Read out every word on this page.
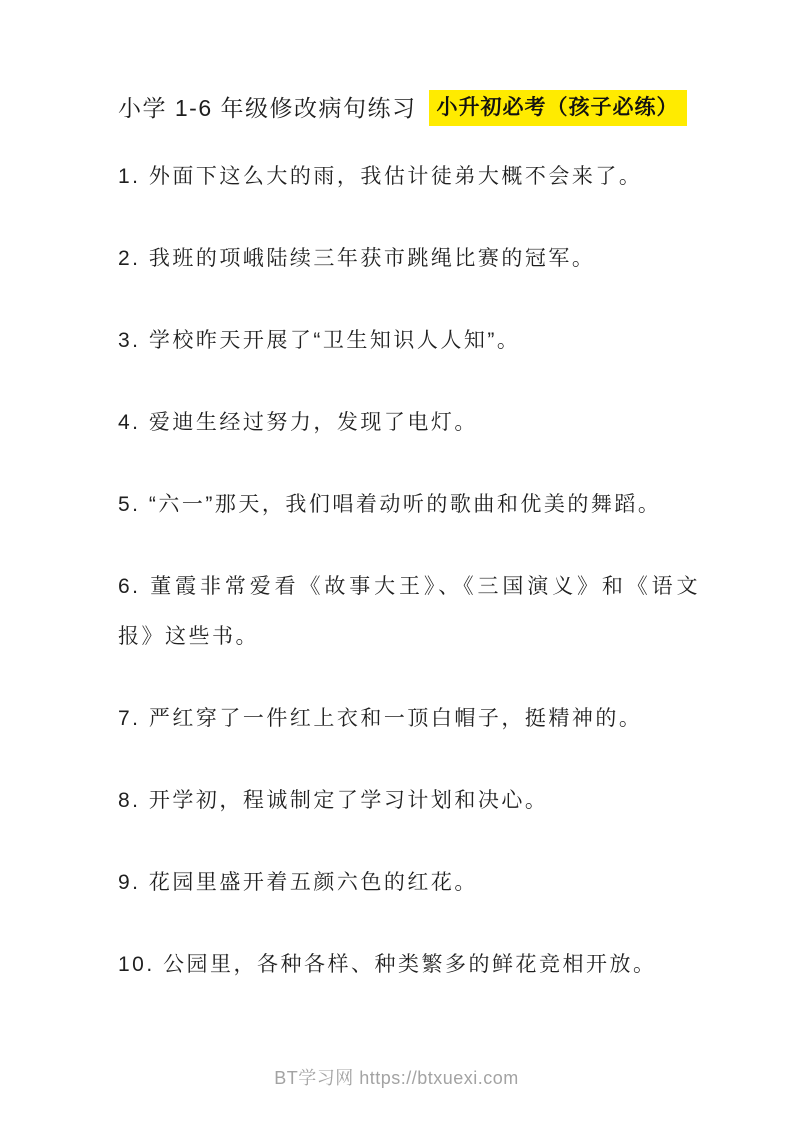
小学 1-6 年级修改病句练习 小升初必考（孩子必练）
1. 外面下这么大的雨，我估计徒弟大概不会来了。
2. 我班的项峨陆续三年获市跳绳比赛的冠军。
3. 学校昨天开展了“卫生知识人人知”。
4. 爱迪生经过努力，发现了电灯。
5. “六一”那天，我们唱着动听的歌曲和优美的舞蹈。
6. 董霞非常爱看《故事大王》、《三国演义》和《语文报》这些书。
7. 严红穿了一件红上衣和一顶白帽子，挺精神的。
8. 开学初，程诚制定了学习计划和决心。
9. 花园里盛开着五颜六色的红花。
10. 公园里，各种各样、种类繁多的鲜花竞相开放。
BT学习网 https://btxuexi.com
